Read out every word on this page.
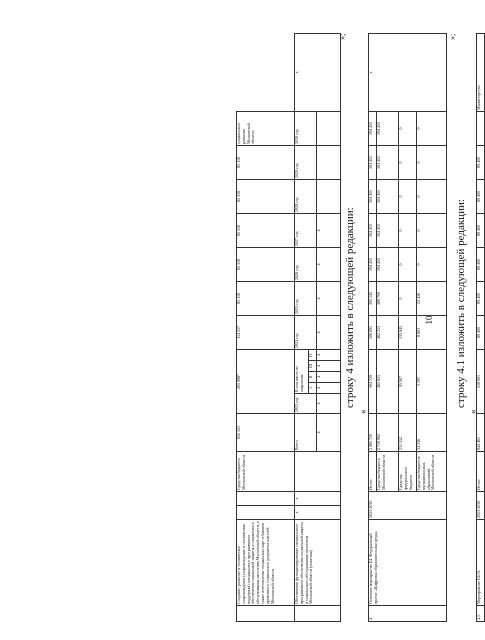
10
	Создание, развитие и техническое сопровождение (сопровождение и техническая поддержка) специального программного обеспечения социальной защиты и социального обслуживания населения Московской области, а также изготовление социальных карт и бланков временного социального документа жителей Московской области			Средства бюджета Московской области	832 121	205 998*					114 217	85 318	85 318	85 318	85 318	85 318	социального развития Московской области	
	Обеспечение функционирования специального программного обеспечения социальной защиты и социального обслуживания населения Московской области (оплатная)	х	х		Всего	2023 год	В том числе по кварталам				2024 год	2025 год	2026 год	2027 год	2028 год	2029 год	2030 год	х
							I	II	III	IV								
					4	4	4	4	4	4	4	4	4	4				
»;
строку 4 изложить в следующей редакции:
«
4	Основное мероприятие Е4. Федеральный проект «Цифровая образовательная среда»	2023-2030	Итого:	2 985 750	564 729	506 691	392 145	304 455	304 455	304 455	304 455	304 455	х
			Средства бюджета Московской области	2 719 962	465 625	462 253	369 709	304 455	304 455	304 455	304 455	304 455	
			Средства федерального бюджета	231 552	95 907	135 645	0	0	0	0	0	0	
			Средства бюджетов муниципальных образований Московской области	34 236	3 197	8 603	22 436	0	0	0	0	0	
»;
строку 4.1 изложить в следующей редакции:
«
4.1.	Мероприятие Е4.01.	2023-2030	Итого:	844 461	218 601	89 400	89 400	89 400	89 400	89 400	89 400		Министерство
